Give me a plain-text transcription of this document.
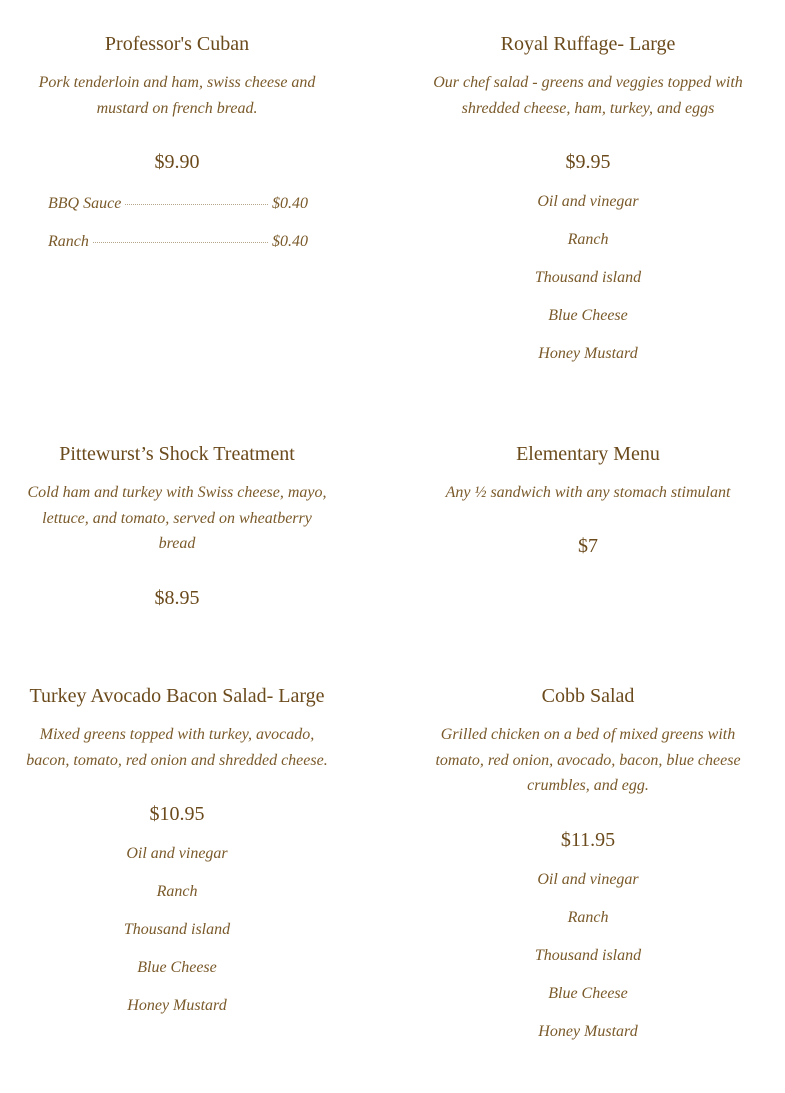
Professor's Cuban
Pork tenderloin and ham, swiss cheese and mustard on french bread.
$9.90
BBQ Sauce	$0.40
Ranch	$0.40
Royal Ruffage- Large
Our chef salad - greens and veggies topped with shredded cheese, ham, turkey, and eggs
$9.95
Oil and vinegar
Ranch
Thousand island
Blue Cheese
Honey Mustard
Pittewurst’s Shock Treatment
Cold ham and turkey with Swiss cheese, mayo, lettuce, and tomato, served on wheatberry bread
$8.95
Elementary Menu
Any ½ sandwich with any stomach stimulant
$7
Turkey Avocado Bacon Salad- Large
Mixed greens topped with turkey, avocado, bacon, tomato, red onion and shredded cheese.
$10.95
Oil and vinegar
Ranch
Thousand island
Blue Cheese
Honey Mustard
Cobb Salad
Grilled chicken on a bed of mixed greens with tomato, red onion, avocado, bacon, blue cheese crumbles, and egg.
$11.95
Oil and vinegar
Ranch
Thousand island
Blue Cheese
Honey Mustard
